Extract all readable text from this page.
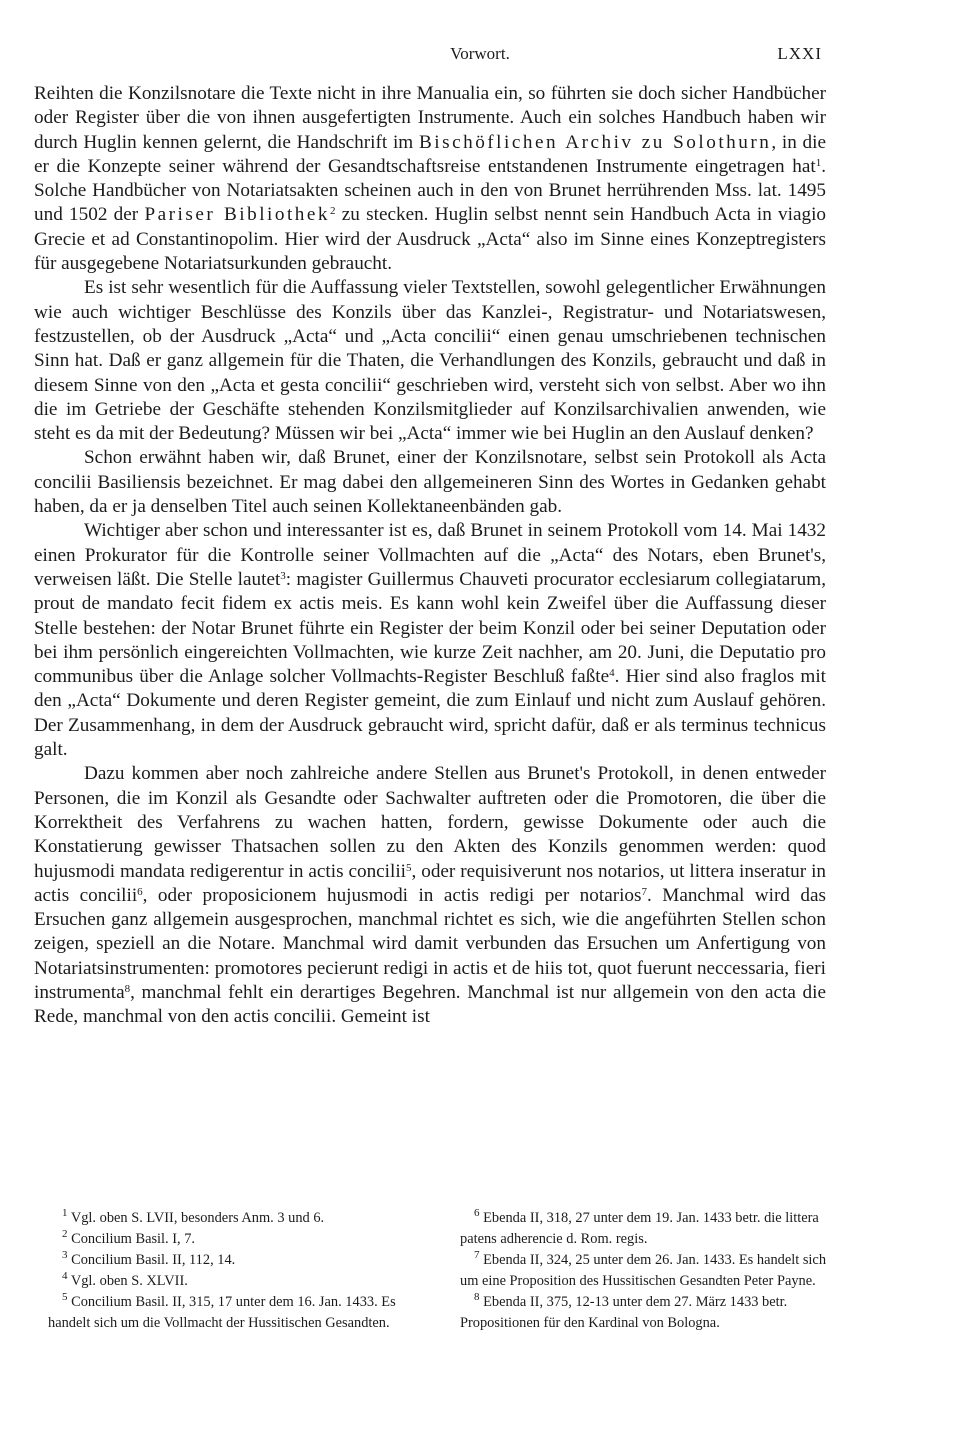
Vorwort.	LXXI

Reihten die Konzilsnotare die Texte nicht in ihre Manualia ein, so führten sie doch sicher Handbücher oder Register über die von ihnen ausgefertigten Instrumente. Auch ein solches Handbuch haben wir durch Huglin kennen gelernt, die Handschrift im Bischöflichen Archiv zu Solothurn, in die er die Konzepte seiner während der Gesandtschaftsreise entstandenen Instrumente eingetragen hat$^1$. Solche Handbücher von Notariatsakten scheinen auch in den von Brunet herrührenden Mss. lat. 1495 und 1502 der Pariser Bibliothek$^2$ zu stecken. Huglin selbst nennt sein Handbuch Acta in viagio Grecie et ad Constantinopolim. Hier wird der Ausdruck „Acta“ also im Sinne eines Konzeptregisters für ausgegebene Notariatsurkunden gebraucht.

Es ist sehr wesentlich für die Auffassung vieler Textstellen, sowohl gelegentlicher Erwähnungen wie auch wichtiger Beschlüsse des Konzils über das Kanzlei-, Registratur- und Notariatswesen, festzustellen, ob der Ausdruck „Acta“ und „Acta concilii“ einen genau umschriebenen technischen Sinn hat. Daß er ganz allgemein für die Thaten, die Verhandlungen des Konzils, gebraucht und daß in diesem Sinne von den „Acta et gesta concilii“ geschrieben wird, versteht sich von selbst. Aber wo ihn die im Getriebe der Geschäfte stehenden Konzilsmitglieder auf Konzilsarchivalien anwenden, wie steht es da mit der Bedeutung? Müssen wir bei „Acta“ immer wie bei Huglin an den Auslauf denken?

Schon erwähnt haben wir, daß Brunet, einer der Konzilsnotare, selbst sein Protokoll als Acta concilii Basiliensis bezeichnet. Er mag dabei den allgemeineren Sinn des Wortes in Gedanken gehabt haben, da er ja denselben Titel auch seinen Kollektaneenbänden gab.

Wichtiger aber schon und interessanter ist es, daß Brunet in seinem Protokoll vom 14. Mai 1432 einen Prokurator für die Kontrolle seiner Vollmachten auf die „Acta“ des Notars, eben Brunet's, verweisen läßt. Die Stelle lautet$^3$: magister Guillermus Chauveti procurator ecclesiarum collegiatarum, prout de mandato fecit fidem ex actis meis. Es kann wohl kein Zweifel über die Auffassung dieser Stelle bestehen: der Notar Brunet führte ein Register der beim Konzil oder bei seiner Deputation oder bei ihm persönlich eingereichten Vollmachten, wie kurze Zeit nachher, am 20. Juni, die Deputatio pro communibus über die Anlage solcher Vollmachts-Register Beschluß faßte$^4$. Hier sind also fraglos mit den „Acta“ Dokumente und deren Register gemeint, die zum Einlauf und nicht zum Auslauf gehören. Der Zusammenhang, in dem der Ausdruck gebraucht wird, spricht dafür, daß er als terminus technicus galt.

Dazu kommen aber noch zahlreiche andere Stellen aus Brunet's Protokoll, in denen entweder Personen, die im Konzil als Gesandte oder Sachwalter auftreten oder die Promotoren, die über die Korrektheit des Verfahrens zu wachen hatten, fordern, gewisse Dokumente oder auch die Konstatierung gewisser Thatsachen sollen zu den Akten des Konzils genommen werden: quod hujusmodi mandata redigerentur in actis concilii$^5$, oder requisiverunt nos notarios, ut littera inseratur in actis concilii$^6$, oder proposicionem hujusmodi in actis redigi per notarios$^7$. Manchmal wird das Ersuchen ganz allgemein ausgesprochen, manchmal richtet es sich, wie die angeführten Stellen schon zeigen, speziell an die Notare. Manchmal wird damit verbunden das Ersuchen um Anfertigung von Notariatsinstrumenten: promotores pecierunt redigi in actis et de hiis tot, quot fuerunt neccessaria, fieri instrumenta$^8$, manchmal fehlt ein derartiges Begehren. Manchmal ist nur allgemein von den acta die Rede, manchmal von den actis concilii. Gemeint ist

$^1$ Vgl. oben S. LVII, besonders Anm. 3 und 6.

$^2$ Concilium Basil. I, 7.

$^3$ Concilium Basil. II, 112, 14.

$^4$ Vgl. oben S. XLVII.

$^5$ Concilium Basil. II, 315, 17 unter dem 16. Jan. 1433. Es handelt sich um die Vollmacht der Hussitischen Gesandten.

$^6$ Ebenda II, 318, 27 unter dem 19. Jan. 1433 betr. die littera patens adherencie d. Rom. regis.

$^7$ Ebenda II, 324, 25 unter dem 26. Jan. 1433. Es handelt sich um eine Proposition des Hussitischen Gesandten Peter Payne.

$^8$ Ebenda II, 375, 12-13 unter dem 27. März 1433 betr. Propositionen für den Kardinal von Bologna.
